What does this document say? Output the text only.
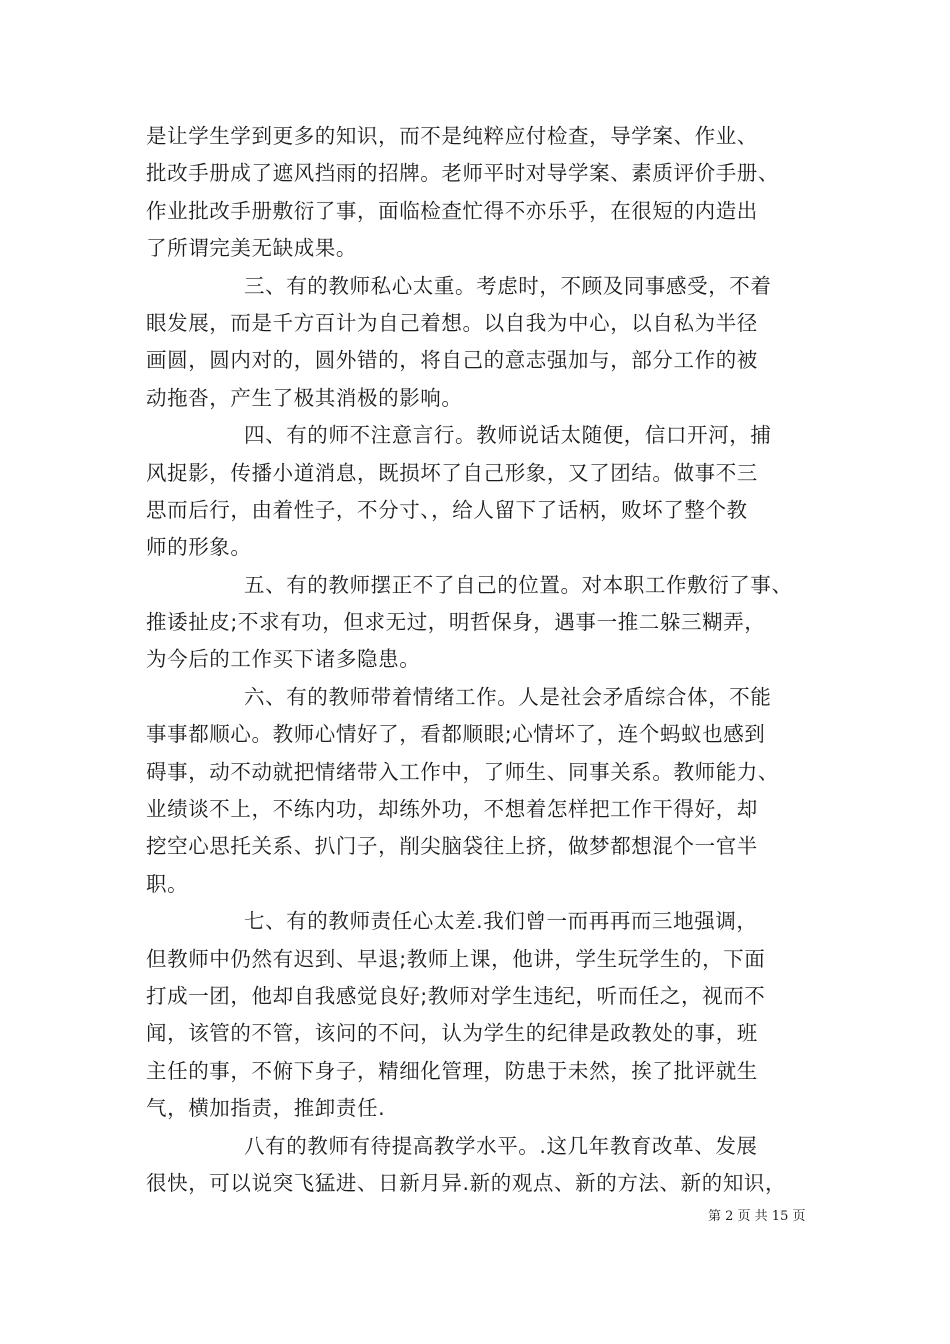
是让学生学到更多的知识，而不是纯粹应付检查，导学案、作业、
批改手册成了遮风挡雨的招牌。老师平时对导学案、素质评价手册、
作业批改手册敷衍了事，面临检查忙得不亦乐乎，在很短的内造出
了所谓完美无缺成果。
三、有的教师私心太重。考虑时，不顾及同事感受，不着
眼发展，而是千方百计为自己着想。以自我为中心，以自私为半径
画圆，圆内对的，圆外错的，将自己的意志强加与，部分工作的被
动拖沓，产生了极其消极的影响。
四、有的师不注意言行。教师说话太随便，信口开河，捕
风捉影，传播小道消息，既损坏了自己形象，又了团结。做事不三
思而后行，由着性子，不分寸、，给人留下了话柄，败坏了整个教
师的形象。
五、有的教师摆正不了自己的位置。对本职工作敷衍了事、
推诿扯皮;不求有功，但求无过，明哲保身，遇事一推二躲三糊弄，
为今后的工作买下诸多隐患。
六、有的教师带着情绪工作。人是社会矛盾综合体，不能
事事都顺心。教师心情好了，看都顺眼;心情坏了，连个蚂蚁也感到
碍事，动不动就把情绪带入工作中，了师生、同事关系。教师能力、
业绩谈不上，不练内功，却练外功，不想着怎样把工作干得好，却
挖空心思托关系、扒门子，削尖脑袋往上挤，做梦都想混个一官半
职。
七、有的教师责任心太差.我们曾一而再再而三地强调，
但教师中仍然有迟到、早退;教师上课，他讲，学生玩学生的，下面
打成一团，他却自我感觉良好;教师对学生违纪，听而任之，视而不
闻，该管的不管，该问的不问，认为学生的纪律是政教处的事，班
主任的事，不俯下身子，精细化管理，防患于未然，挨了批评就生
气，横加指责，推卸责任.
八有的教师有待提高教学水平。.这几年教育改革、发展
很快，可以说突飞猛进、日新月异.新的观点、新的方法、新的知识，
第 2 页 共 15 页
